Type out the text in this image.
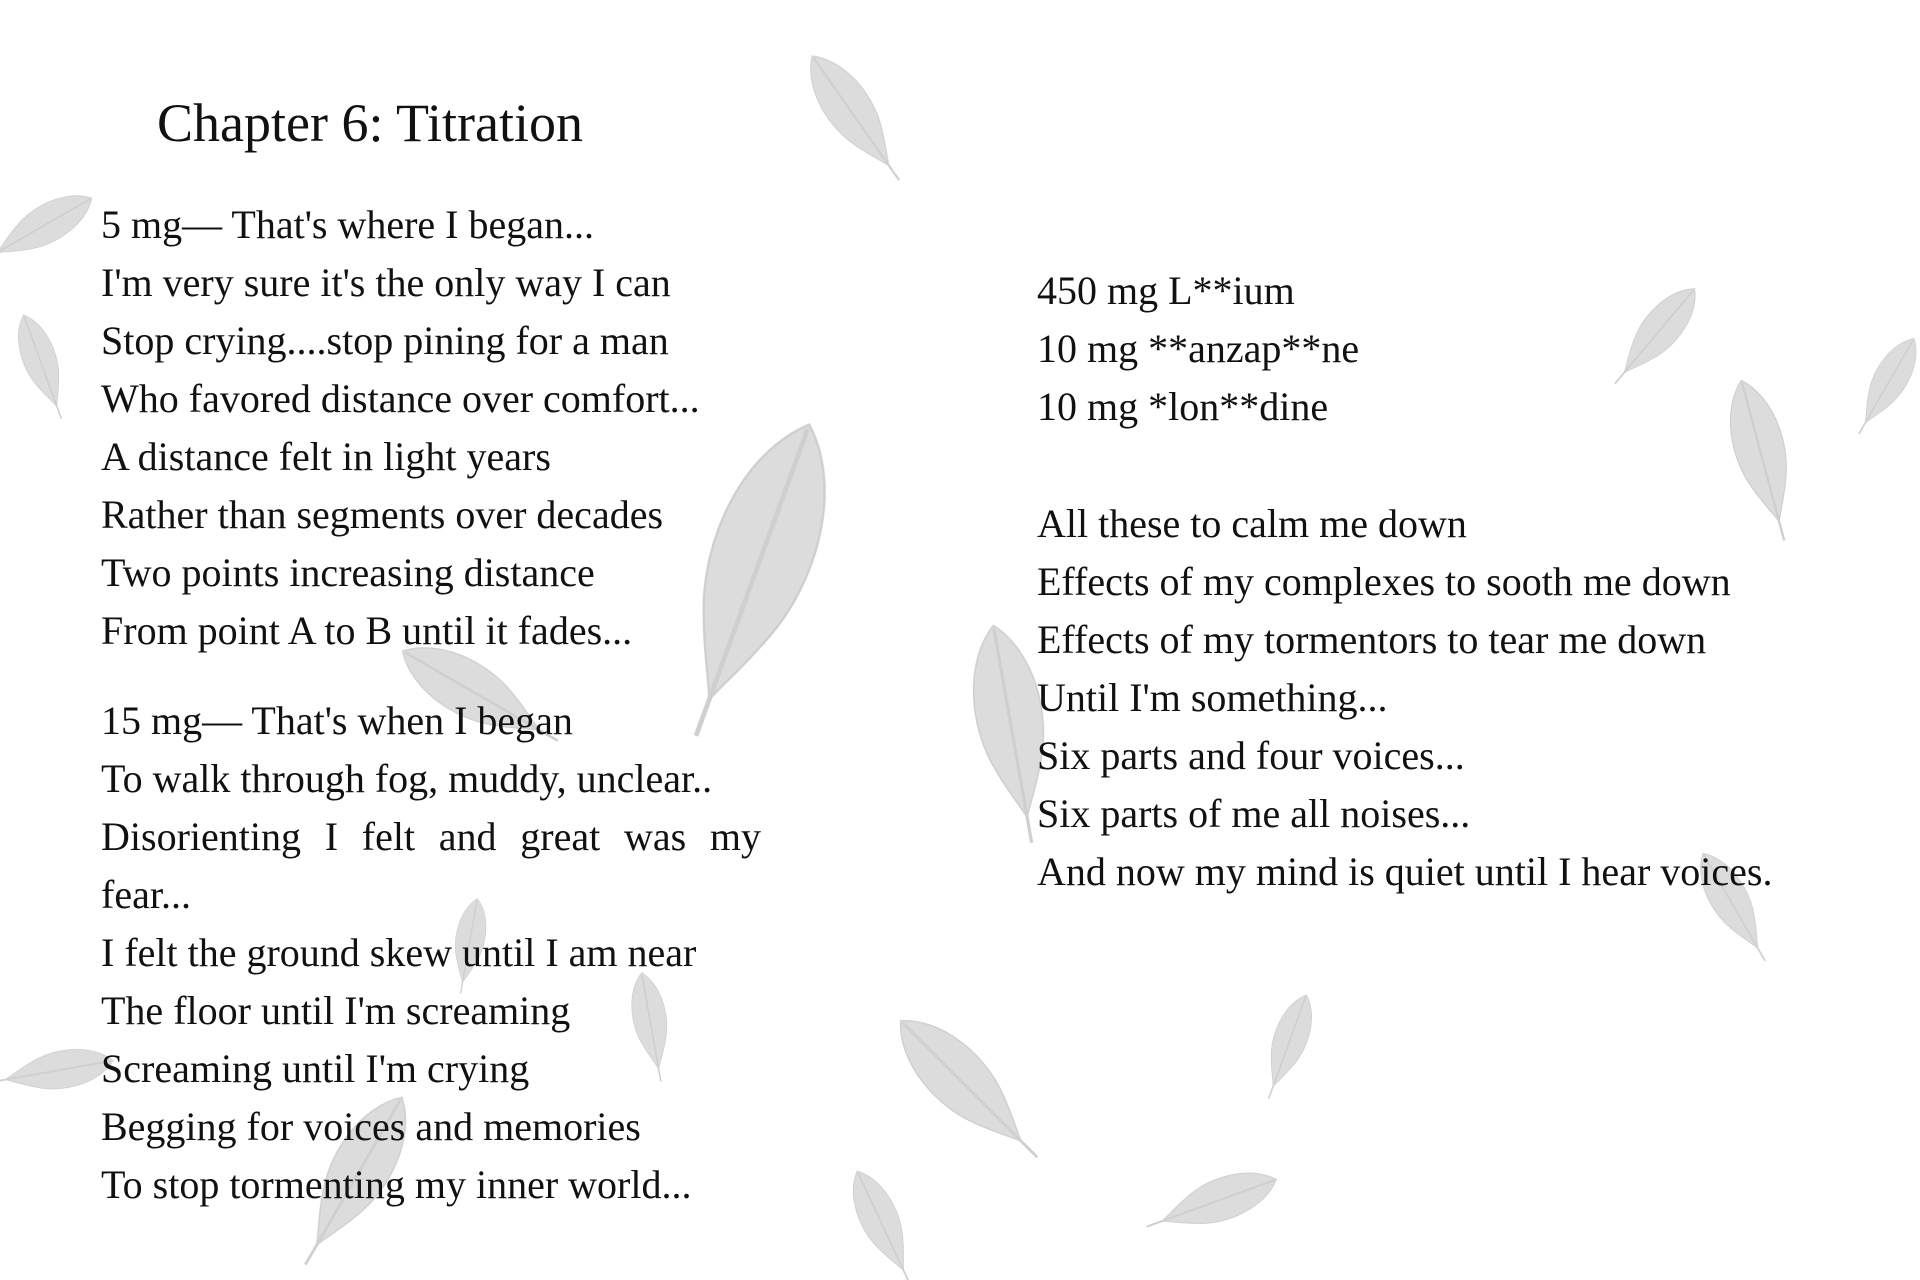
Chapter 6: Titration

5 mg— That's where I began...
I'm very sure it's the only way I can
Stop crying....stop pining for a man
Who favored distance over comfort...
A distance felt in light years
Rather than segments over decades
Two points increasing distance
From point A to B until it fades...

15 mg— That's when I began
To walk through fog, muddy, unclear..
Disorienting I felt and great was my
fear...
I felt the ground skew until I am near
The floor until I'm screaming
Screaming until I'm crying
Begging for voices and memories
To stop tormenting my inner world...

450 mg L**ium
10 mg **anzap**ne
10 mg *lon**dine

All these to calm me down
Effects of my complexes to sooth me down
Effects of my tormentors to tear me down
Until I'm something...
Six parts and four voices...
Six parts of me all noises...
And now my mind is quiet until I hear voices.
